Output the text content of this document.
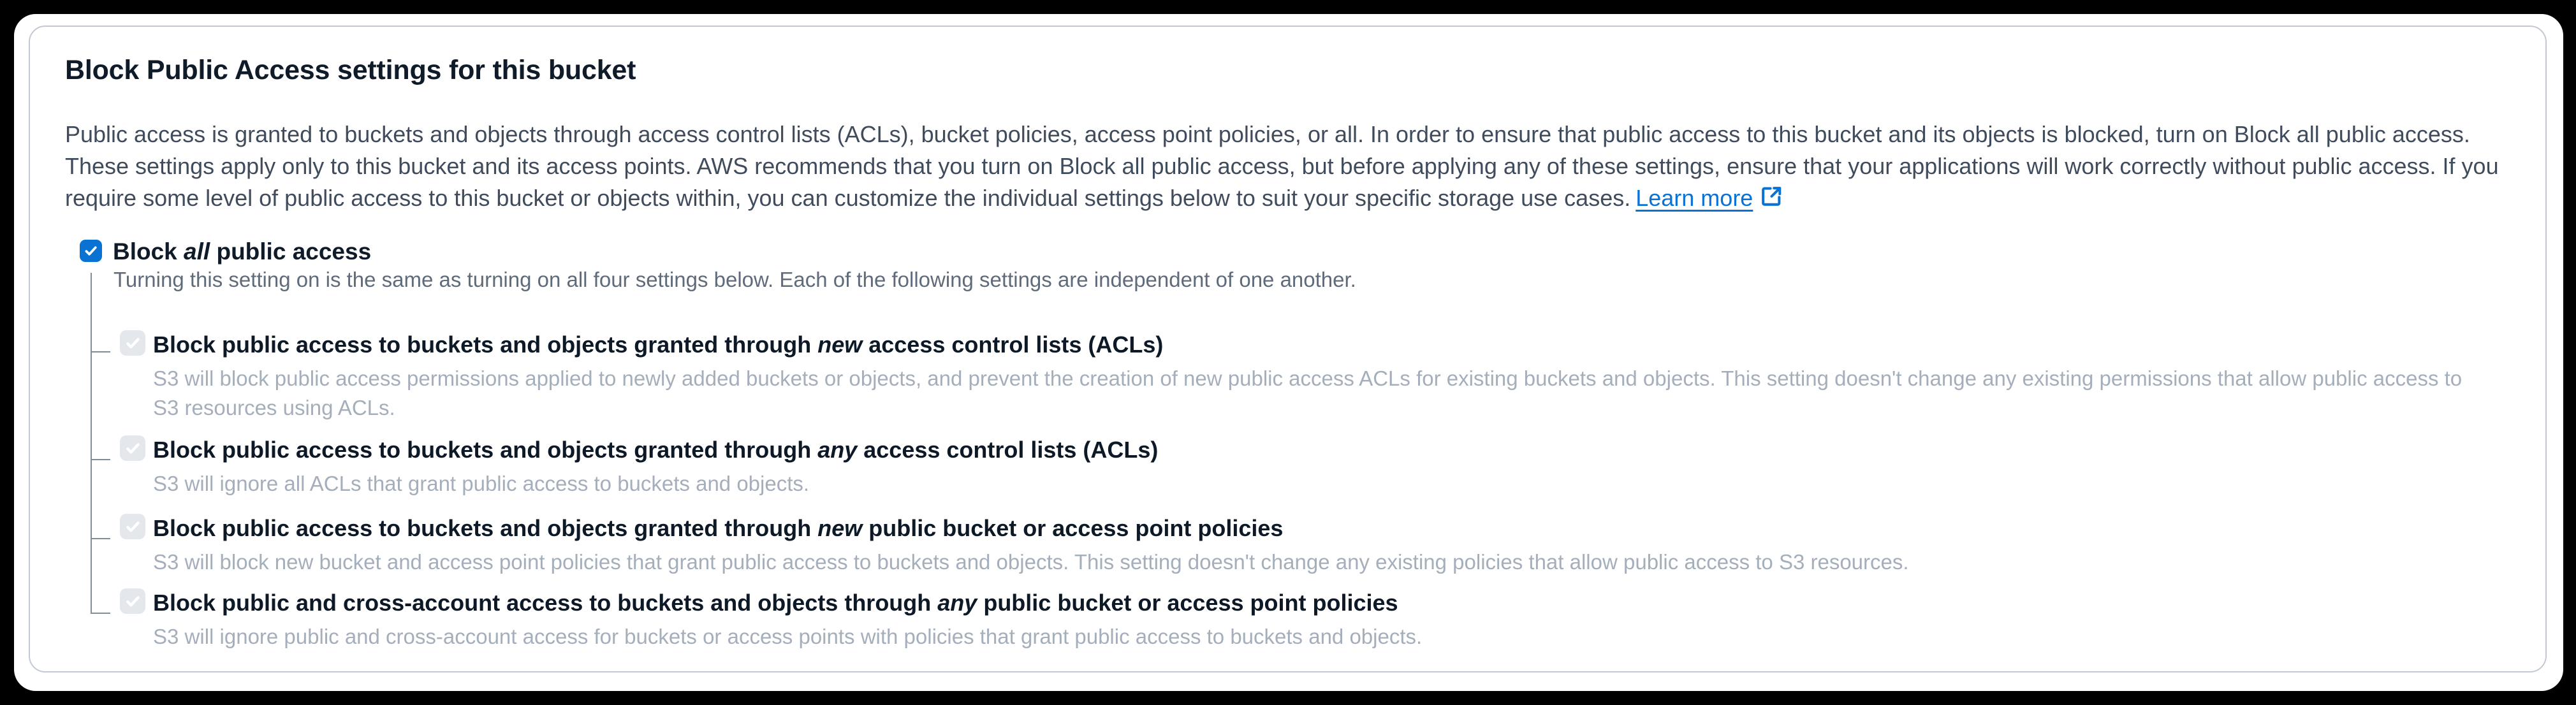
Block Public Access settings for this bucket

Public access is granted to buckets and objects through access control lists (ACLs), bucket policies, access point policies, or all. In order to ensure that public access to this bucket and its objects is blocked, turn on Block all public access. These settings apply only to this bucket and its access points. AWS recommends that you turn on Block all public access, but before applying any of these settings, ensure that your applications will work correctly without public access. If you require some level of public access to this bucket or objects within, you can customize the individual settings below to suit your specific storage use cases. Learn more

Block all public access
Turning this setting on is the same as turning on all four settings below. Each of the following settings are independent of one another.
Block public access to buckets and objects granted through new access control lists (ACLs)
S3 will block public access permissions applied to newly added buckets or objects, and prevent the creation of new public access ACLs for existing buckets and objects. This setting doesn't change any existing permissions that allow public access to S3 resources using ACLs.
Block public access to buckets and objects granted through any access control lists (ACLs)
S3 will ignore all ACLs that grant public access to buckets and objects.
Block public access to buckets and objects granted through new public bucket or access point policies
S3 will block new bucket and access point policies that grant public access to buckets and objects. This setting doesn't change any existing policies that allow public access to S3 resources.
Block public and cross-account access to buckets and objects through any public bucket or access point policies
S3 will ignore public and cross-account access for buckets or access points with policies that grant public access to buckets and objects.
